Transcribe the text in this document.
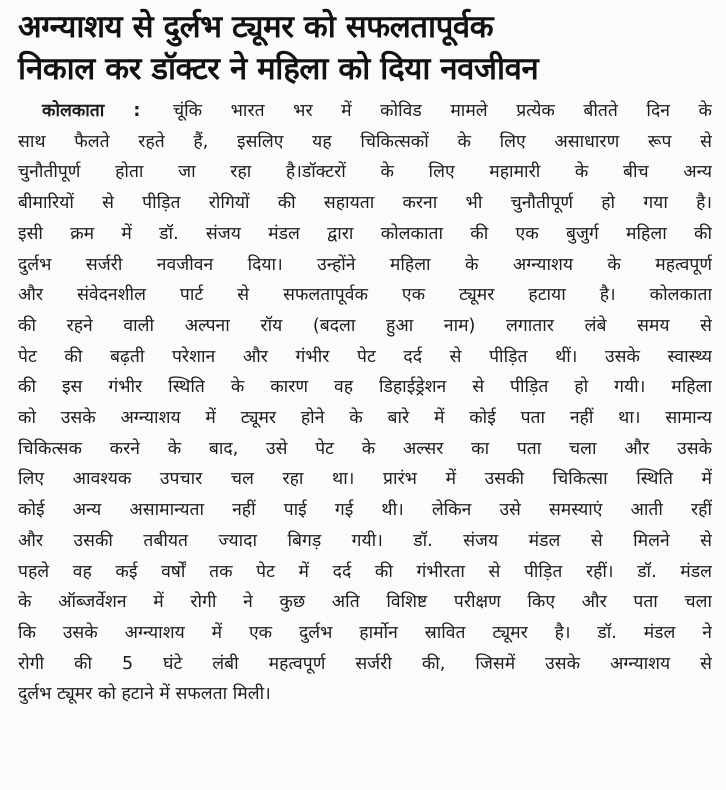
अग्न्याशय से दुर्लभ ट्यूमर को सफलतापूर्वक
निकाल कर डॉक्टर ने महिला को दिया नवजीवन
कोलकाता : चूंकि भारत भर में कोविड मामले प्रत्येक बीतते दिन के
साथ फैलते रहते हैं, इसलिए यह चिकित्सकों के लिए असाधारण रूप से
चुनौतीपूर्ण होता जा रहा है।डॉक्टरों के लिए महामारी के बीच अन्य
बीमारियों से पीड़ित रोगियों की सहायता करना भी चुनौतीपूर्ण हो गया है।
इसी क्रम में डॉ. संजय मंडल द्वारा कोलकाता की एक बुजुर्ग महिला की
दुर्लभ सर्जरी नवजीवन दिया। उन्होंने महिला के अग्न्याशय के महत्वपूर्ण
और संवेदनशील पार्ट से सफलतापूर्वक एक ट्यूमर हटाया है। कोलकाता
की रहने वाली अल्पना रॉय (बदला हुआ नाम) लगातार लंबे समय से
पेट की बढ़ती परेशान और गंभीर पेट दर्द से पीड़ित थीं। उसके स्वास्थ्य
की इस गंभीर स्थिति के कारण वह डिहाईड्रेशन से पीड़ित हो गयी। महिला
को उसके अग्न्याशय में ट्यूमर होने के बारे में कोई पता नहीं था। सामान्य
चिकित्सक करने के बाद, उसे पेट के अल्सर का पता चला और उसके
लिए आवश्यक उपचार चल रहा था। प्रारंभ में उसकी चिकित्सा स्थिति में
कोई अन्य असामान्यता नहीं पाई गई थी। लेकिन उसे समस्याएं आती रहीं
और उसकी तबीयत ज्यादा बिगड़ गयी। डॉ. संजय मंडल से मिलने से
पहले वह कई वर्षों तक पेट में दर्द की गंभीरता से पीड़ित रहीं। डॉ. मंडल
के ऑब्जर्वेशन में रोगी ने कुछ अति विशिष्ट परीक्षण किए और पता चला
कि उसके अग्न्याशय में एक दुर्लभ हार्मोन स्रावित ट्यूमर है। डॉ. मंडल ने
रोगी की 5 घंटे लंबी महत्वपूर्ण सर्जरी की, जिसमें उसके अग्न्याशय से
दुर्लभ ट्यूमर को हटाने में सफलता मिली।
